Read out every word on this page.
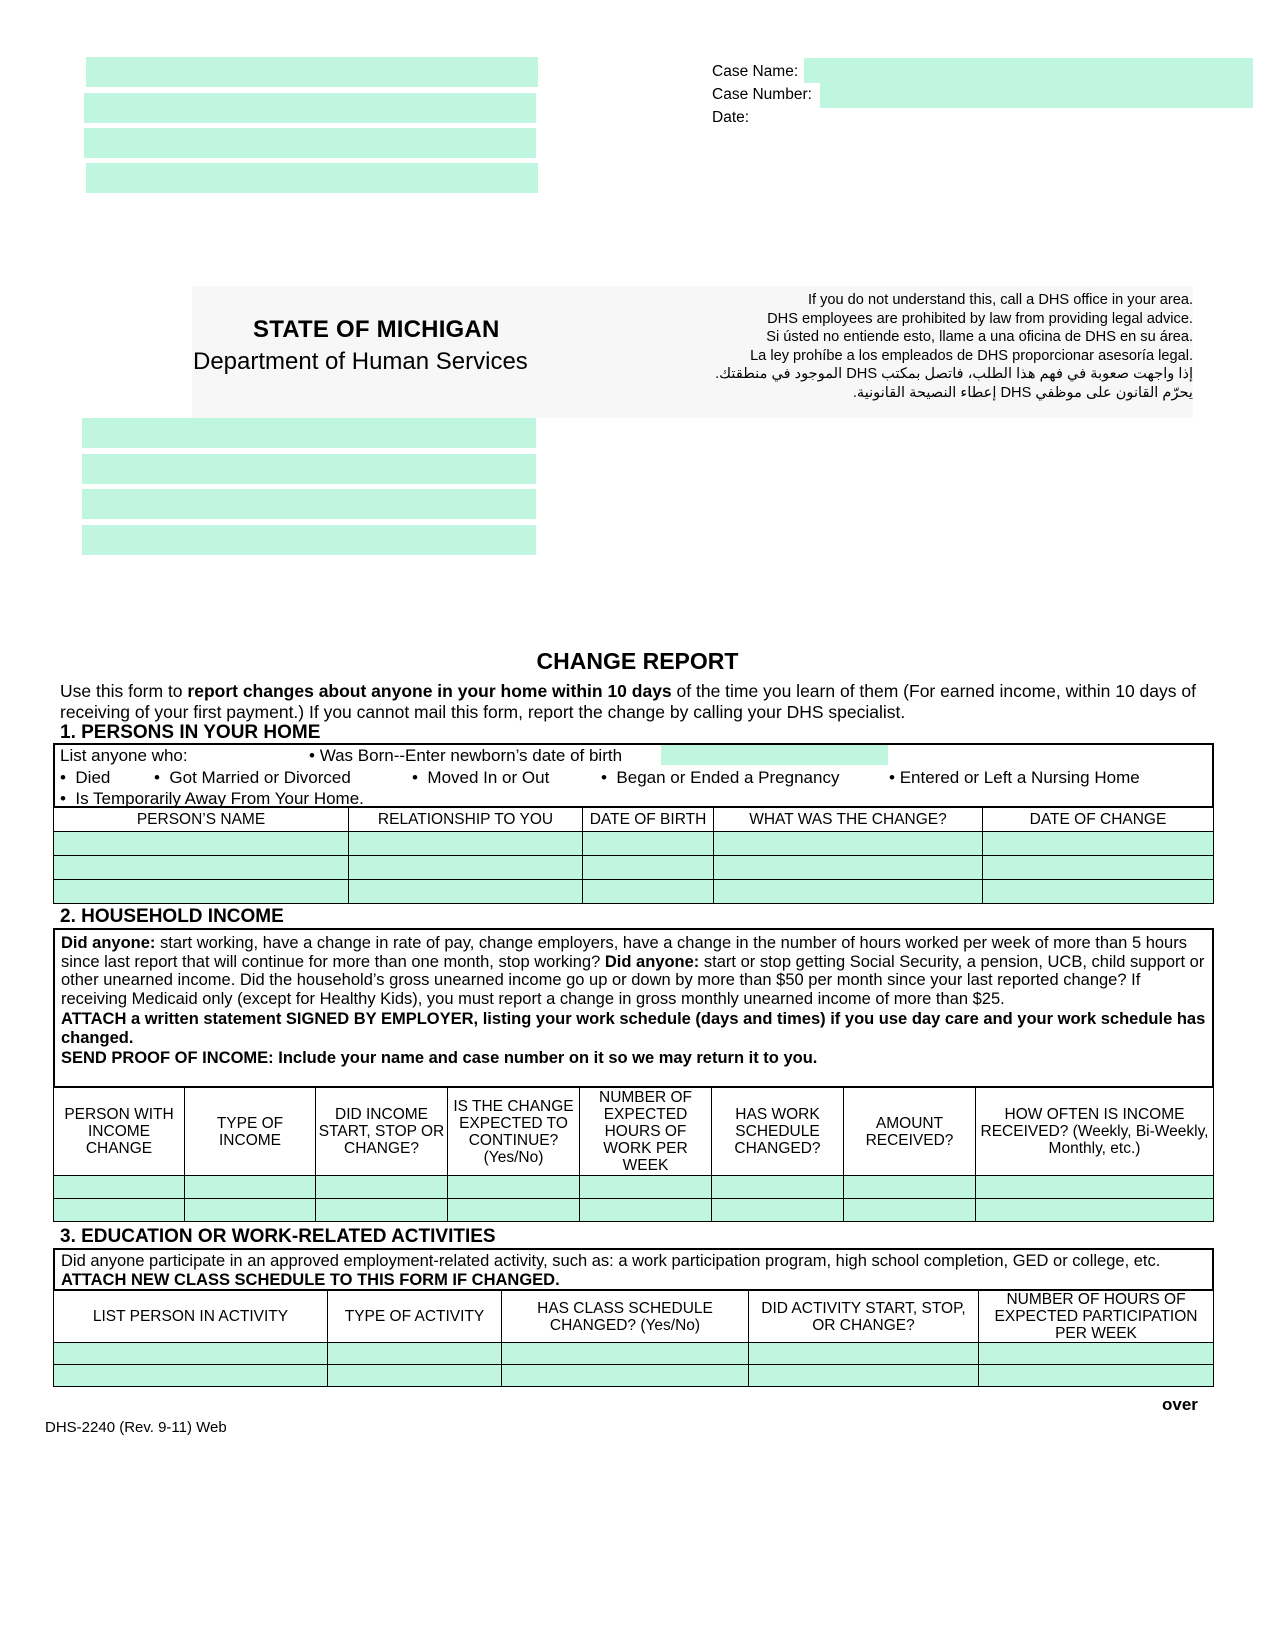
Case Name:
Case Number:
Date:
STATE OF MICHIGAN
Department of Human Services
If you do not understand this, call a DHS office in your area.
DHS employees are prohibited by law from providing legal advice.
Si ústed no entiende esto, llame a una oficina de DHS en su área.
La ley prohíbe a los empleados de DHS proporcionar asesoría legal.
إذا واجهت صعوبة في فهم هذا الطلب، فاتصل بمكتب DHS الموجود في منطقتك.
يحرّم القانون على موظفي DHS إعطاء النصيحة القانونية.
CHANGE REPORT
Use this form to report changes about anyone in your home within 10 days of the time you learn of them (For earned income, within 10 days of receiving of your first payment.) If you cannot mail this form, report the change by calling your DHS specialist.
1. PERSONS IN YOUR HOME
List anyone who:	• Was Born--Enter newborn’s date of birth
•  Died	•  Got Married or Divorced	•  Moved In or Out	•  Began or Ended a Pregnancy	• Entered or Left a Nursing Home
•  Is Temporarily Away From Your Home.
PERSON’S NAME	RELATIONSHIP TO YOU	DATE OF BIRTH	WHAT WAS THE CHANGE?	DATE OF CHANGE

2. HOUSEHOLD INCOME
Did anyone: start working, have a change in rate of pay, change employers, have a change in the number of hours worked per week of more than 5 hours since last report that will continue for more than one month, stop working? Did anyone: start or stop getting Social Security, a pension, UCB, child support or other unearned income. Did the household’s gross unearned income go up or down by more than $50 per month since your last reported change? If receiving Medicaid only (except for Healthy Kids), you must report a change in gross monthly unearned income of more than $25.
ATTACH a written statement SIGNED BY EMPLOYER, listing your work schedule (days and times) if you use day care and your work schedule has changed.
SEND PROOF OF INCOME: Include your name and case number on it so we may return it to you.
PERSON WITH INCOME CHANGE	TYPE OF INCOME	DID INCOME START, STOP OR CHANGE?	IS THE CHANGE EXPECTED TO CONTINUE? (Yes/No)	NUMBER OF EXPECTED HOURS OF WORK PER WEEK	HAS WORK SCHEDULE CHANGED?	AMOUNT RECEIVED?	HOW OFTEN IS INCOME RECEIVED? (Weekly, Bi-Weekly, Monthly, etc.)

3. EDUCATION OR WORK-RELATED ACTIVITIES
Did anyone participate in an approved employment-related activity, such as: a work participation program, high school completion, GED or college, etc. ATTACH NEW CLASS SCHEDULE TO THIS FORM IF CHANGED.
LIST PERSON IN ACTIVITY	TYPE OF ACTIVITY	HAS CLASS SCHEDULE CHANGED? (Yes/No)	DID ACTIVITY START, STOP, OR CHANGE?	NUMBER OF HOURS OF EXPECTED PARTICIPATION PER WEEK

over
DHS-2240 (Rev. 9-11) Web
